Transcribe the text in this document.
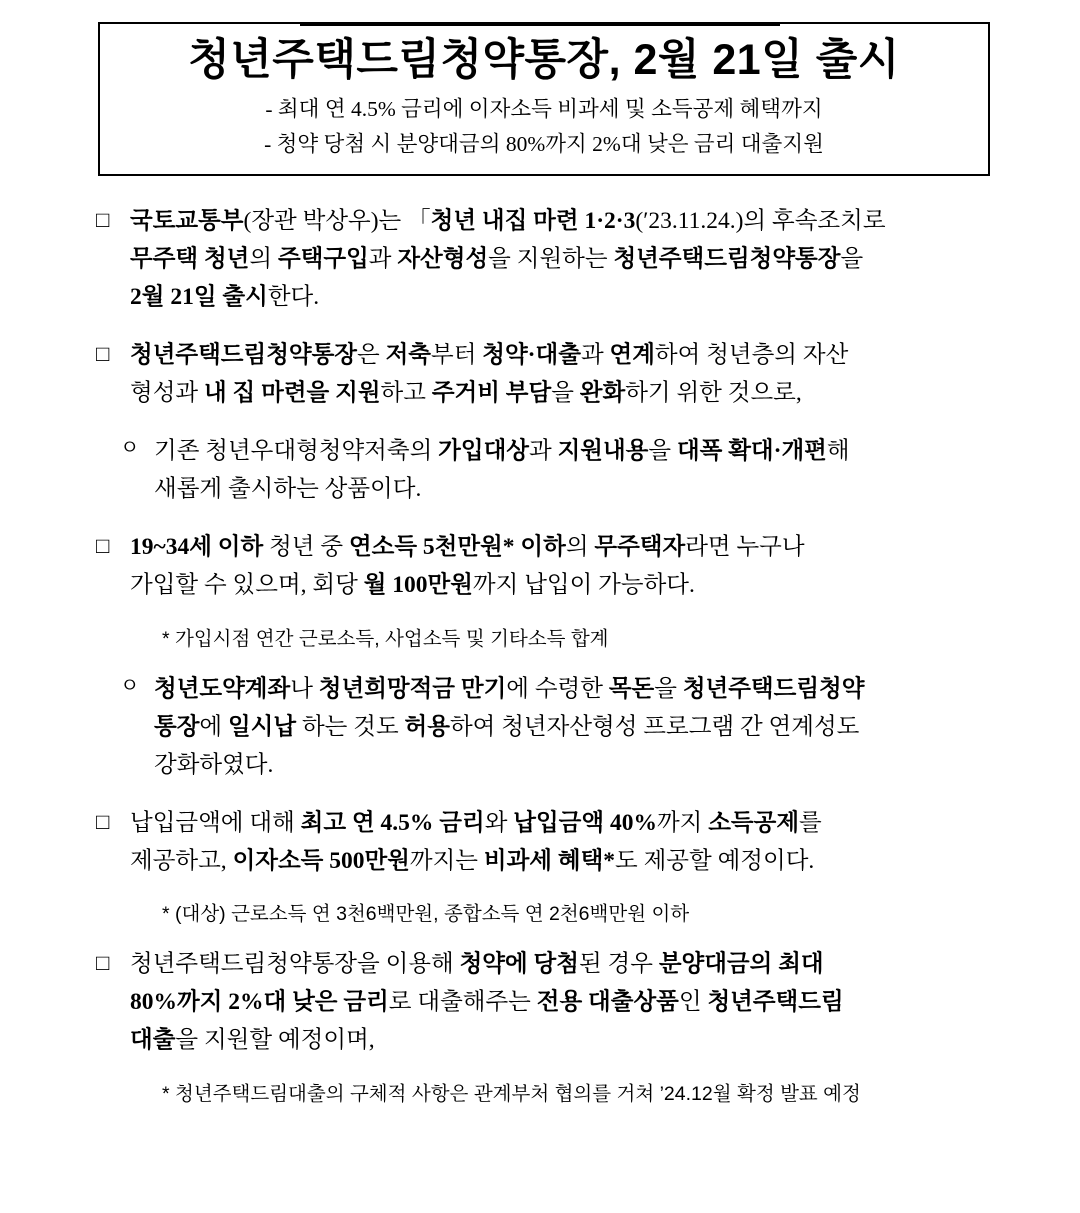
청년주택드림청약통장, 2월 21일 출시
- 최대 연 4.5% 금리에 이자소득 비과세 및 소득공제 혜택까지
- 청약 당첨 시 분양대금의 80%까지 2%대 낮은 금리 대출지원
□ 국토교통부(장관 박상우)는 「청년 내집 마련 1·2·3(′23.11.24.)의 후속조치로
무주택 청년의 주택구입과 자산형성을 지원하는 청년주택드림청약통장을
2월 21일 출시한다.
□ 청년주택드림청약통장은 저축부터 청약·대출과 연계하여 청년층의 자산
형성과 내 집 마련을 지원하고 주거비 부담을 완화하기 위한 것으로,
ㅇ 기존 청년우대형청약저축의 가입대상과 지원내용을 대폭 확대·개편해
새롭게 출시하는 상품이다.
□ 19~34세 이하 청년 중 연소득 5천만원* 이하의 무주택자라면 누구나
가입할 수 있으며, 회당 월 100만원까지 납입이 가능하다.
* 가입시점 연간 근로소득, 사업소득 및 기타소득 합계
ㅇ 청년도약계좌나 청년희망적금 만기에 수령한 목돈을 청년주택드림청약
통장에 일시납 하는 것도 허용하여 청년자산형성 프로그램 간 연계성도
강화하였다.
□ 납입금액에 대해 최고 연 4.5% 금리와 납입금액 40%까지 소득공제를
제공하고, 이자소득 500만원까지는 비과세 혜택*도 제공할 예정이다.
* (대상) 근로소득 연 3천6백만원, 종합소득 연 2천6백만원 이하
□ 청년주택드림청약통장을 이용해 청약에 당첨된 경우 분양대금의 최대
80%까지 2%대 낮은 금리로 대출해주는 전용 대출상품인 청년주택드림
대출을 지원할 예정이며,
* 청년주택드림대출의 구체적 사항은 관계부처 협의를 거쳐 ’24.12월 확정 발표 예정
